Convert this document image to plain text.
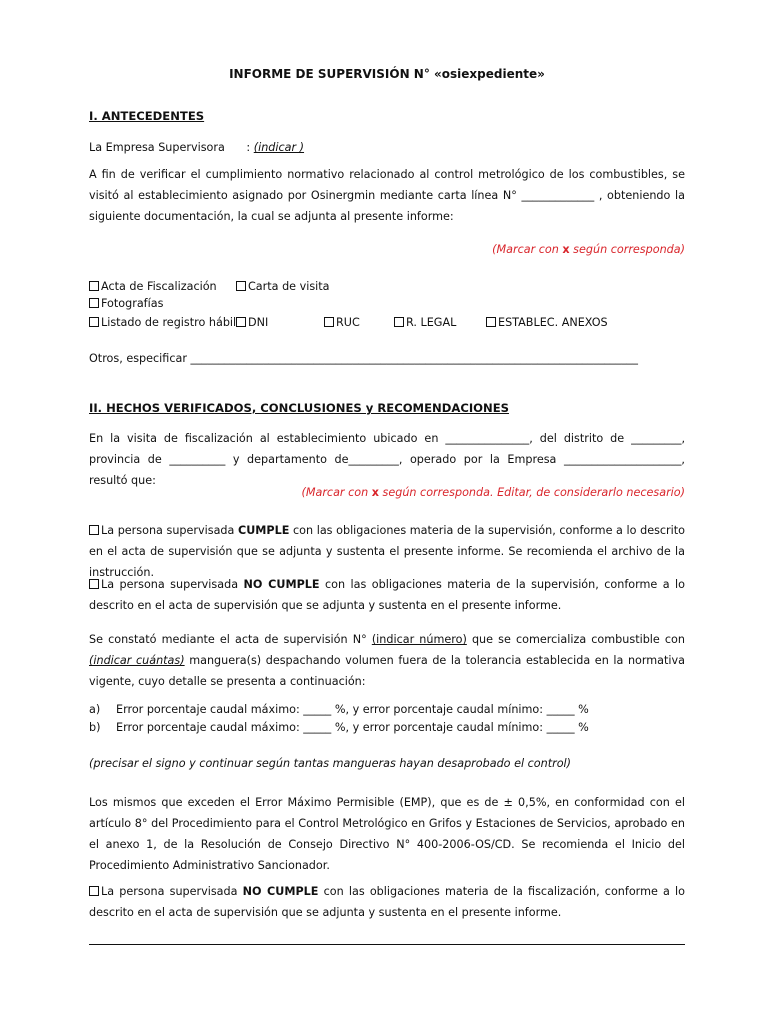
INFORME DE SUPERVISIÓN N° «osiexpediente»
I. ANTECEDENTES
La Empresa Supervisora : (indicar )
A fin de verificar el cumplimiento normativo relacionado al control metrológico de los combustibles, se visitó al establecimiento asignado por Osinergmin mediante carta línea N° _____________ , obteniendo la siguiente documentación, la cual se adjunta al presente informe:
(Marcar con x según corresponda)
Acta de Fiscalización	Carta de visita
Fotografías
Listado de registro hábil	DNI	RUC	R. LEGAL	ESTABLEC. ANEXOS
Otros, especificar ________________________________________________________________________________
II. HECHOS VERIFICADOS, CONCLUSIONES y RECOMENDACIONES
En la visita de fiscalización al establecimiento ubicado en _______________, del distrito de _________, provincia de __________ y departamento de_________, operado por la Empresa _____________________, resultó que:
(Marcar con x según corresponda. Editar, de considerarlo necesario)
La persona supervisada CUMPLE con las obligaciones materia de la supervisión, conforme a lo descrito en el acta de supervisión que se adjunta y sustenta el presente informe. Se recomienda el archivo de la instrucción.
La persona supervisada NO CUMPLE con las obligaciones materia de la supervisión, conforme a lo descrito en el acta de supervisión que se adjunta y sustenta en el presente informe.
Se constató mediante el acta de supervisión N° (indicar número) que se comercializa combustible con (indicar cuántas) manguera(s) despachando volumen fuera de la tolerancia establecida en la normativa vigente, cuyo detalle se presenta a continuación:
a) Error porcentaje caudal máximo: _____ %, y error porcentaje caudal mínimo: _____ %
b) Error porcentaje caudal máximo: _____ %, y error porcentaje caudal mínimo: _____ %
(precisar el signo y continuar según tantas mangueras hayan desaprobado el control)
Los mismos que exceden el Error Máximo Permisible (EMP), que es de ± 0,5%, en conformidad con el artículo 8° del Procedimiento para el Control Metrológico en Grifos y Estaciones de Servicios, aprobado en el anexo 1, de la Resolución de Consejo Directivo N° 400-2006-OS/CD. Se recomienda el Inicio del Procedimiento Administrativo Sancionador.
La persona supervisada NO CUMPLE con las obligaciones materia de la fiscalización, conforme a lo descrito en el acta de supervisión que se adjunta y sustenta en el presente informe.
